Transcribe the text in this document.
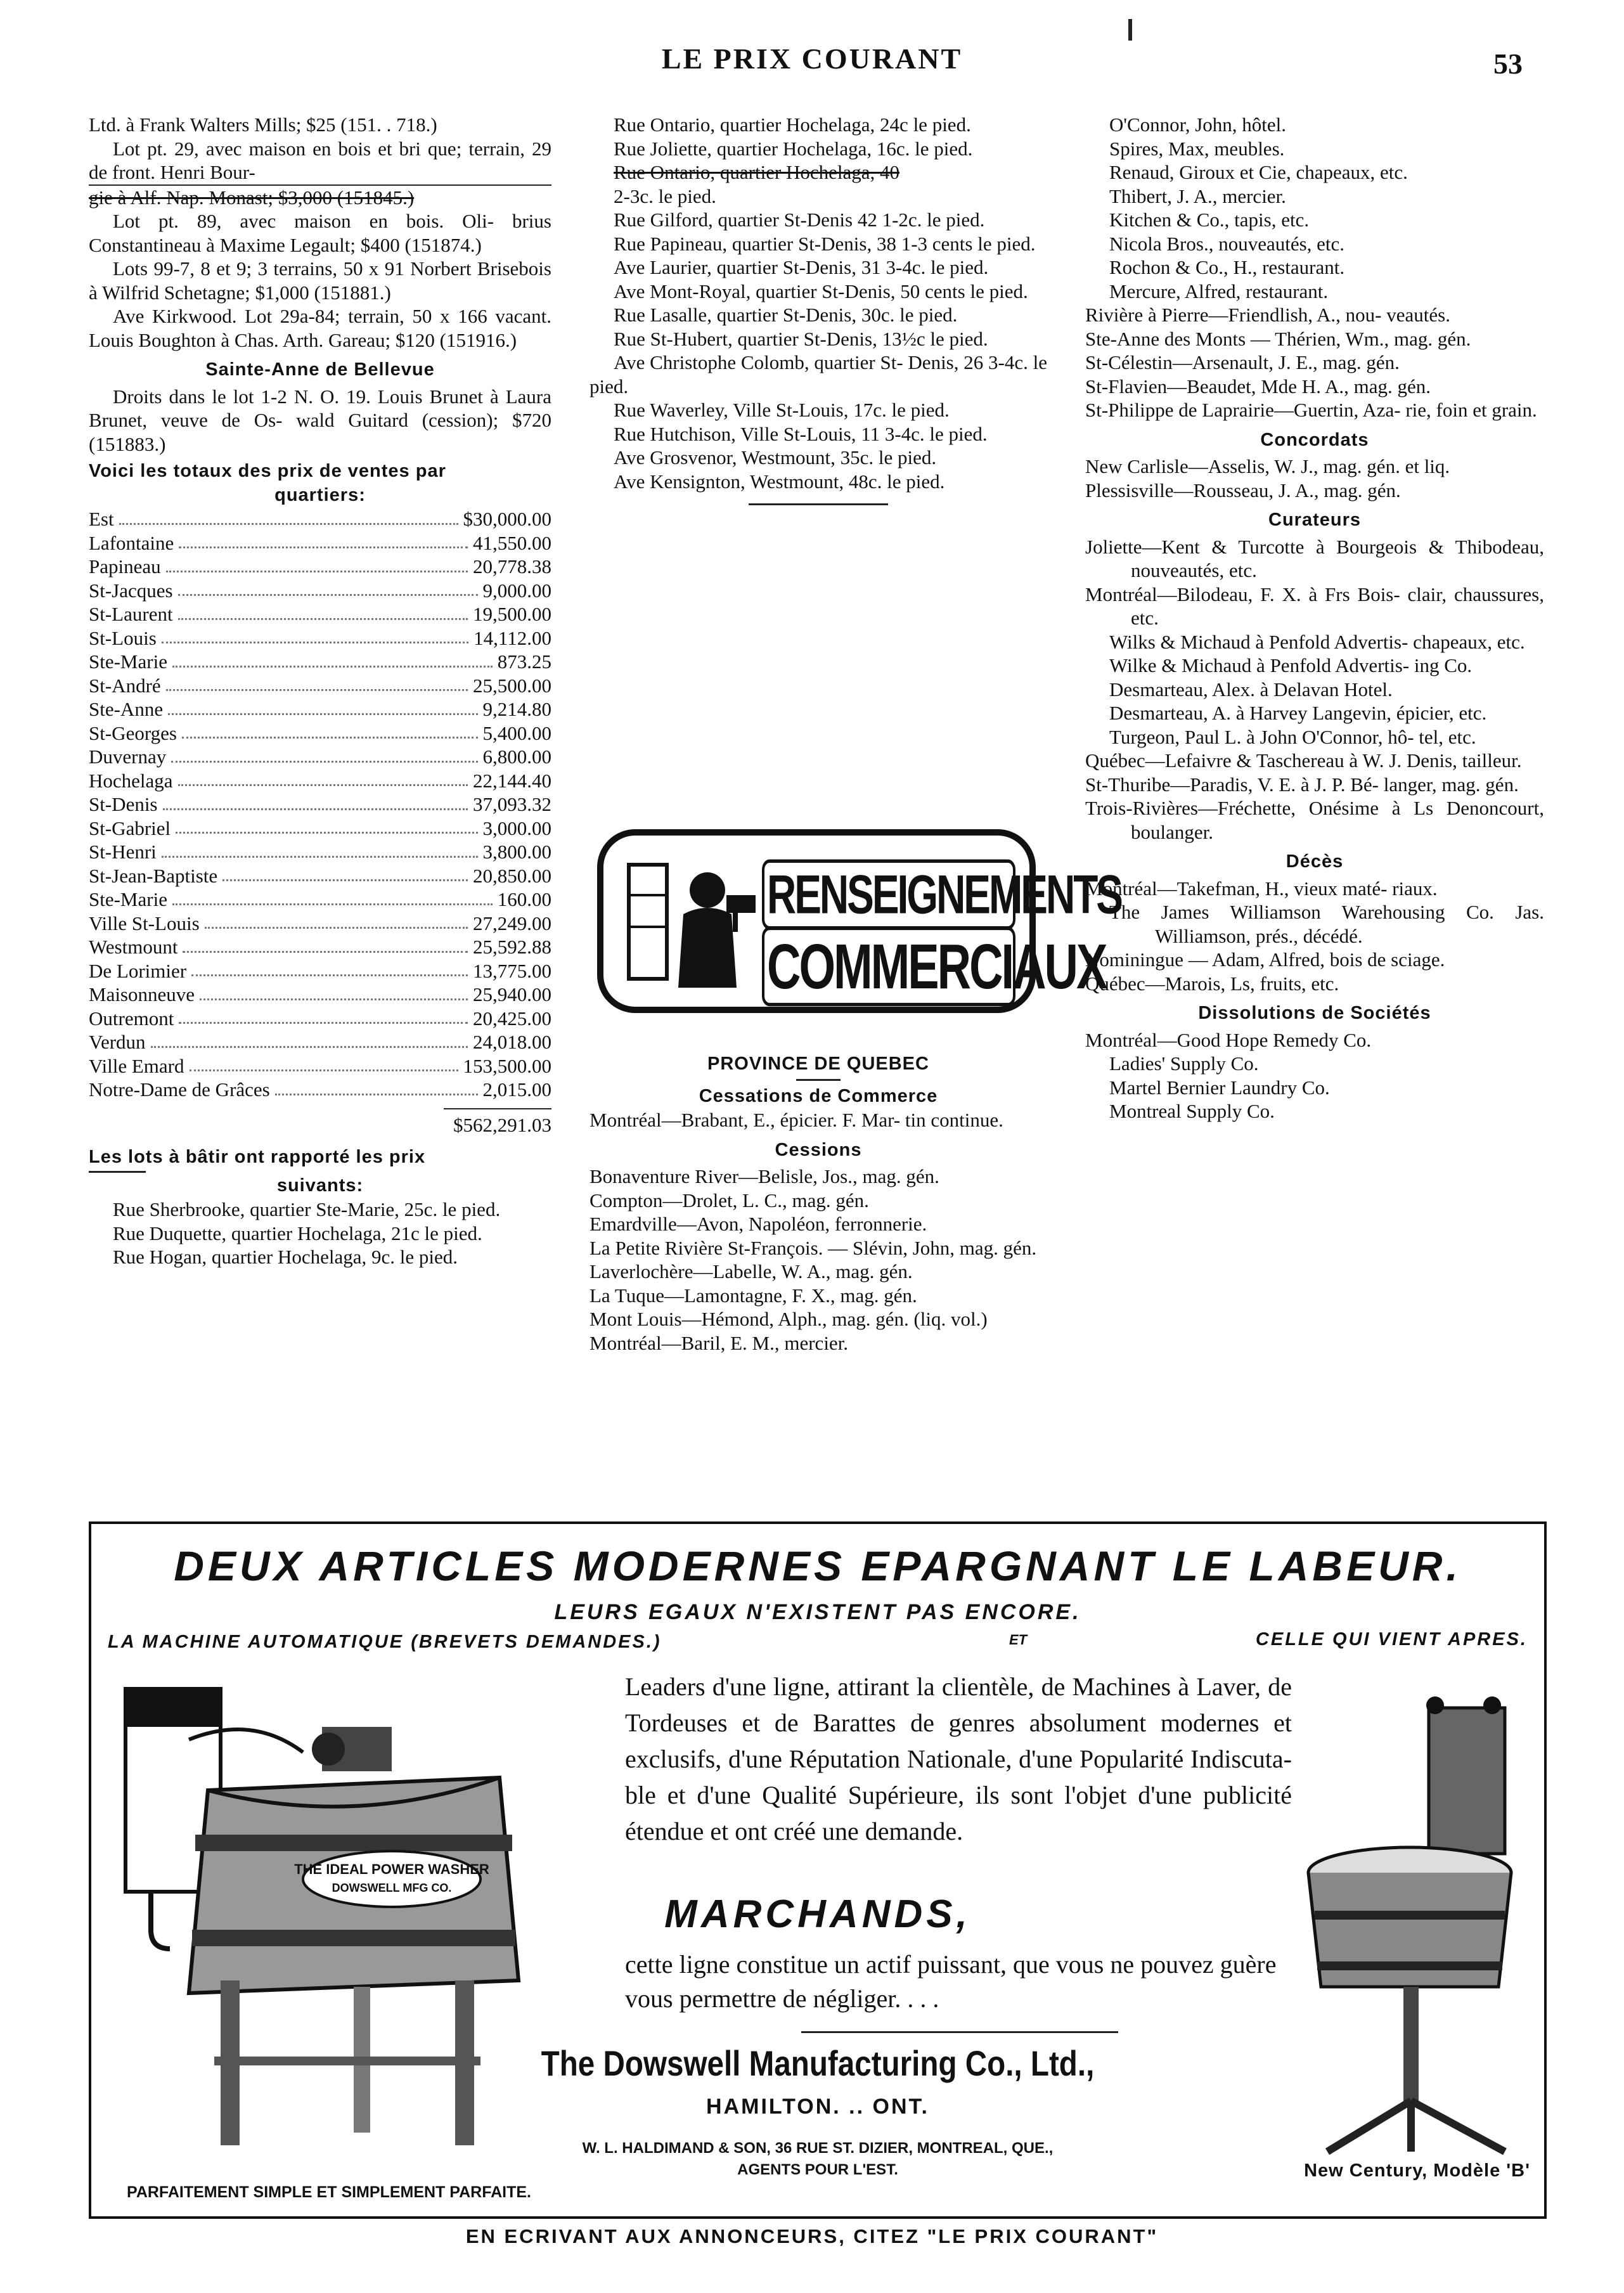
LE PRIX COURANT	53

Ltd. à Frank Walters Mills; $25 (151. . 718.)

Lot pt. 29, avec maison en bois et bri que; terrain, 29 de front. Henri Bour-

gie à Alf. Nap. Monast; $3,000 (151845.)

Lot pt. 89, avec maison en bois. Oli- brius Constantineau à Maxime Legault; $400 (151874.)

Lots 99-7, 8 et 9; 3 terrains, 50 x 91 Norbert Brisebois à Wilfrid Schetagne; $1,000 (151881.)

Ave Kirkwood. Lot 29a-84; terrain, 50 x 166 vacant. Louis Boughton à Chas. Arth. Gareau; $120 (151916.)

Sainte-Anne de Bellevue

Droits dans le lot 1-2 N. O. 19. Louis Brunet à Laura Brunet, veuve de Os- wald Guitard (cession); $720 (151883.)

Voici les totaux des prix de ventes par

quartiers:

Est	$30,000.00
Lafontaine	41,550.00
Papineau	20,778.38
St-Jacques	9,000.00
St-Laurent	19,500.00
St-Louis	14,112.00
Ste-Marie	873.25
St-André	25,500.00
Ste-Anne	9,214.80
St-Georges	5,400.00
Duvernay	6,800.00
Hochelaga	22,144.40
St-Denis	37,093.32
St-Gabriel	3,000.00
St-Henri	3,800.00
St-Jean-Baptiste	20,850.00
Ste-Marie	160.00
Ville St-Louis	27,249.00
Westmount	25,592.88
De Lorimier	13,775.00
Maisonneuve	25,940.00
Outremont	20,425.00
Verdun	24,018.00
Ville Emard	153,500.00
Notre-Dame de Grâces	2,015.00
$562,291.03

Les lots à bâtir ont rapporté les prix

suivants:

Rue Sherbrooke, quartier Ste-Marie, 25c. le pied.

Rue Duquette, quartier Hochelaga, 21c le pied.

Rue Hogan, quartier Hochelaga, 9c. le pied.

Rue Ontario, quartier Hochelaga, 24c le pied.

Rue Joliette, quartier Hochelaga, 16c. le pied.

Rue Ontario, quartier Hochelaga, 40

2-3c. le pied.

Rue Gilford, quartier St-Denis 42 1-2c. le pied.

Rue Papineau, quartier St-Denis, 38 1-3 cents le pied.

Ave Laurier, quartier St-Denis, 31 3-4c. le pied.

Ave Mont-Royal, quartier St-Denis, 50 cents le pied.

Rue Lasalle, quartier St-Denis, 30c. le pied.

Rue St-Hubert, quartier St-Denis, 13½c le pied.

Ave Christophe Colomb, quartier St- Denis, 26 3-4c. le pied.

Rue Waverley, Ville St-Louis, 17c. le pied.

Rue Hutchison, Ville St-Louis, 11 3-4c. le pied.

Ave Grosvenor, Westmount, 35c. le pied.

Ave Kensignton, Westmount, 48c. le pied.

RENSEIGNEMENTS
COMMERCIAUX

PROVINCE DE QUEBEC

Cessations de Commerce

Montréal—Brabant, E., épicier. F. Mar- tin continue.

Cessions

Bonaventure River—Belisle, Jos., mag. gén.

Compton—Drolet, L. C., mag. gén.

Emardville—Avon, Napoléon, ferronnerie.

La Petite Rivière St-François. — Slévin, John, mag. gén.

Laverlochère—Labelle, W. A., mag. gén.

La Tuque—Lamontagne, F. X., mag. gén.

Mont Louis—Hémond, Alph., mag. gén. (liq. vol.)

Montréal—Baril, E. M., mercier.

O'Connor, John, hôtel.

Spires, Max, meubles.

Renaud, Giroux et Cie, chapeaux, etc.

Thibert, J. A., mercier.

Kitchen & Co., tapis, etc.

Nicola Bros., nouveautés, etc.

Rochon & Co., H., restaurant.

Mercure, Alfred, restaurant.

Rivière à Pierre—Friendlish, A., nou- veautés.

Ste-Anne des Monts — Thérien, Wm., mag. gén.

St-Célestin—Arsenault, J. E., mag. gén.

St-Flavien—Beaudet, Mde H. A., mag. gén.

St-Philippe de Laprairie—Guertin, Aza- rie, foin et grain.

Concordats

New Carlisle—Asselis, W. J., mag. gén. et liq.

Plessisville—Rousseau, J. A., mag. gén.

Curateurs

Joliette—Kent & Turcotte à Bourgeois & Thibodeau, nouveautés, etc.

Montréal—Bilodeau, F. X. à Frs Bois- clair, chaussures, etc.

Wilks & Michaud à Penfold Advertis- chapeaux, etc.

Wilke & Michaud à Penfold Advertis- ing Co.

Desmarteau, Alex. à Delavan Hotel.

Desmarteau, A. à Harvey Langevin, épicier, etc.

Turgeon, Paul L. à John O'Connor, hô- tel, etc.

Québec—Lefaivre & Taschereau à W. J. Denis, tailleur.

St-Thuribe—Paradis, V. E. à J. P. Bé- langer, mag. gén.

Trois-Rivières—Fréchette, Onésime à Ls Denoncourt, boulanger.

Décès

Montréal—Takefman, H., vieux maté- riaux.

The James Williamson Warehousing Co. Jas. Williamson, prés., décédé.

Nominingue — Adam, Alfred, bois de sciage.

Québec—Marois, Ls, fruits, etc.

Dissolutions de Sociétés

Montréal—Good Hope Remedy Co.

Ladies' Supply Co.

Martel Bernier Laundry Co.

Montreal Supply Co.

DEUX ARTICLES MODERNES EPARGNANT LE LABEUR.
LEURS EGAUX N'EXISTENT PAS ENCORE.
LA MACHINE AUTOMATIQUE (BREVETS DEMANDES.)	ET	CELLE QUI VIENT APRES.
THE IDEAL POWER WASHER
DOWSWELL MFG CO.
Leaders d'une ligne, attirant la clientèle, de Machines à Laver, de Tordeuses et de Barattes de genres absolument modernes et exclusifs, d'une Réputation Nationale, d'une Popularité Indiscuta- ble et d'une Qualité Supérieure, ils sont l'objet d'une publicité étendue et ont créé une demande.
MARCHANDS,
cette ligne constitue un actif puissant, que vous ne pouvez guère vous permettre de négliger. . . .
The Dowswell Manufacturing Co., Ltd.,
HAMILTON. .. ONT.
W. L. HALDIMAND & SON, 36 RUE ST. DIZIER, MONTREAL, QUE.,
AGENTS POUR L'EST.
PARFAITEMENT SIMPLE ET SIMPLEMENT PARFAITE.
New Century, Modèle 'B'
EN ECRIVANT AUX ANNONCEURS, CITEZ "LE PRIX COURANT"
